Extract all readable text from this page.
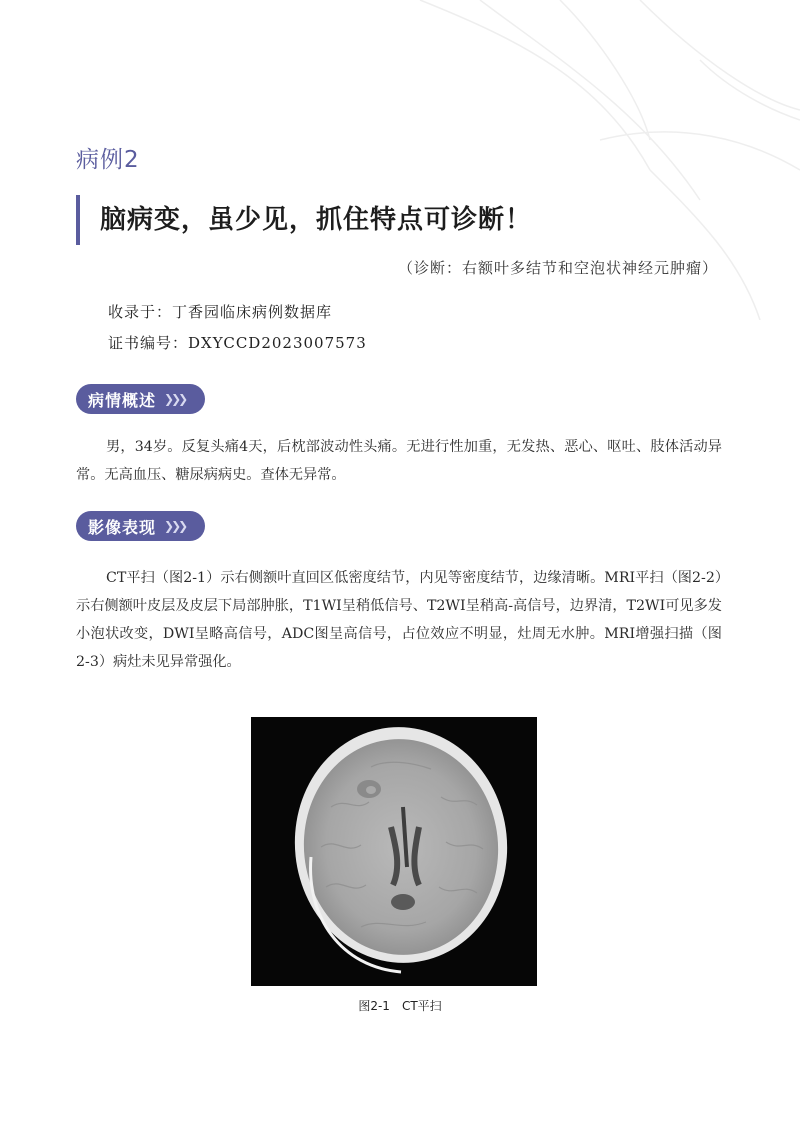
病例2
脑病变，虽少见，抓住特点可诊断！
（诊断：右额叶多结节和空泡状神经元肿瘤）
收录于：丁香园临床病例数据库
证书编号：DXYCCD2023007573
病情概述 ❯❯❯

男，34岁。反复头痛4天，后枕部波动性头痛。无进行性加重，无发热、恶心、呕吐、肢体活动异常。无高血压、糖尿病病史。查体无异常。

影像表现 ❯❯❯

CT平扫（图2-1）示右侧额叶直回区低密度结节，内见等密度结节，边缘清晰。MRI平扫（图2-2）示右侧额叶皮层及皮层下局部肿胀，T1WI呈稍低信号、T2WI呈稍高-高信号，边界清，T2WI可见多发小泡状改变，DWI呈略高信号，ADC图呈高信号，占位效应不明显，灶周无水肿。MRI增强扫描（图2-3）病灶未见异常强化。

图2-1　CT平扫
